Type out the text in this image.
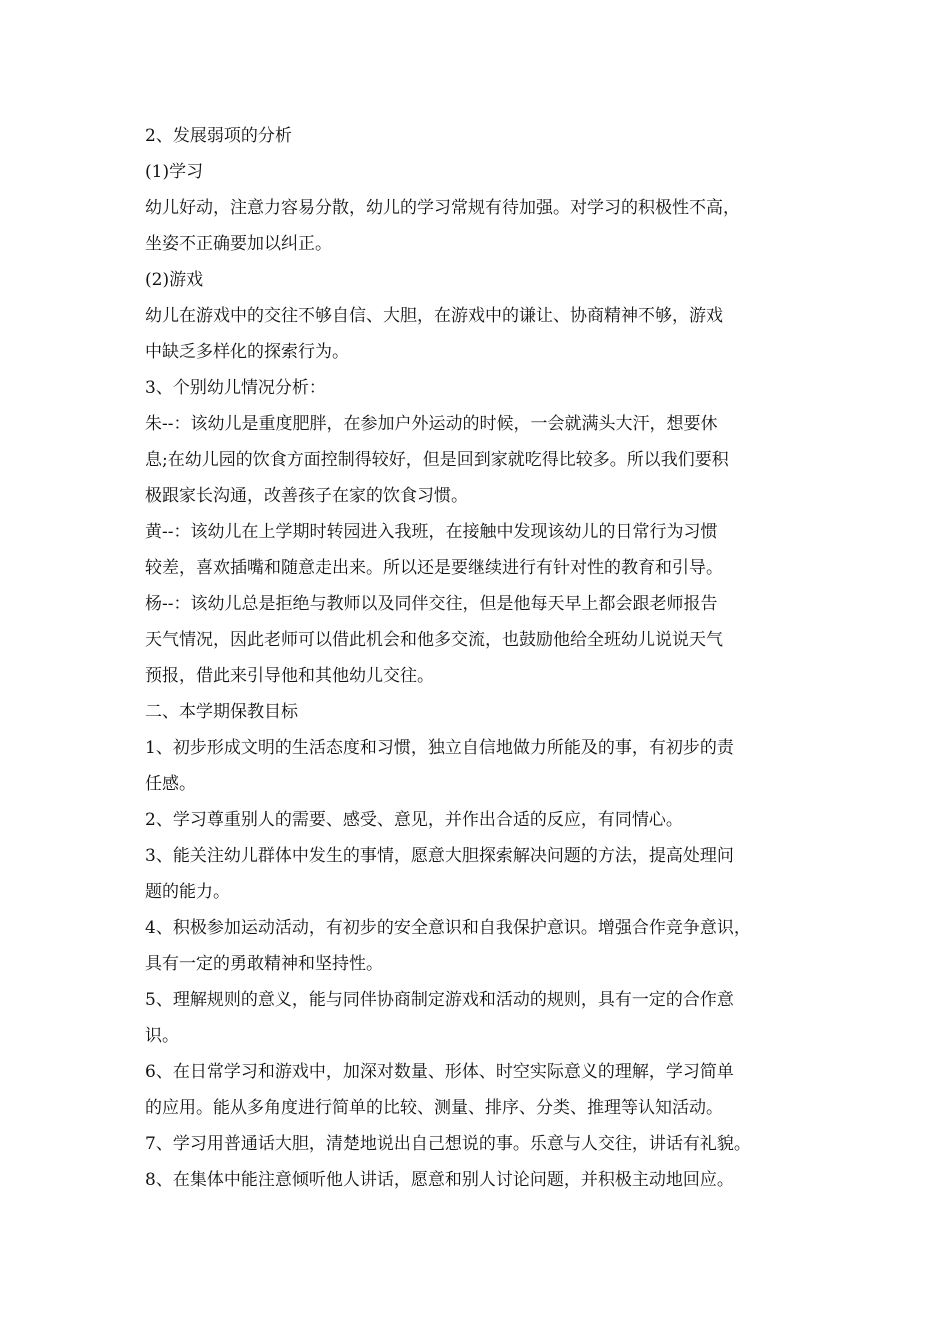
2、发展弱项的分析
(1)学习
幼儿好动，注意力容易分散，幼儿的学习常规有待加强。对学习的积极性不高，
坐姿不正确要加以纠正。
(2)游戏
幼儿在游戏中的交往不够自信、大胆，在游戏中的谦让、协商精神不够，游戏
中缺乏多样化的探索行为。
3、个别幼儿情况分析：
朱--：该幼儿是重度肥胖，在参加户外运动的时候，一会就满头大汗，想要休
息;在幼儿园的饮食方面控制得较好，但是回到家就吃得比较多。所以我们要积
极跟家长沟通，改善孩子在家的饮食习惯。
黄--：该幼儿在上学期时转园进入我班，在接触中发现该幼儿的日常行为习惯
较差，喜欢插嘴和随意走出来。所以还是要继续进行有针对性的教育和引导。
杨--：该幼儿总是拒绝与教师以及同伴交往，但是他每天早上都会跟老师报告
天气情况，因此老师可以借此机会和他多交流，也鼓励他给全班幼儿说说天气
预报，借此来引导他和其他幼儿交往。
二、本学期保教目标
1、初步形成文明的生活态度和习惯，独立自信地做力所能及的事，有初步的责
任感。
2、学习尊重别人的需要、感受、意见，并作出合适的反应，有同情心。
3、能关注幼儿群体中发生的事情，愿意大胆探索解决问题的方法，提高处理问
题的能力。
4、积极参加运动活动，有初步的安全意识和自我保护意识。增强合作竞争意识，
具有一定的勇敢精神和坚持性。
5、理解规则的意义，能与同伴协商制定游戏和活动的规则，具有一定的合作意
识。
6、在日常学习和游戏中，加深对数量、形体、时空实际意义的理解，学习简单
的应用。能从多角度进行简单的比较、测量、排序、分类、推理等认知活动。
7、学习用普通话大胆，清楚地说出自己想说的事。乐意与人交往，讲话有礼貌。
8、在集体中能注意倾听他人讲话，愿意和别人讨论问题，并积极主动地回应。
